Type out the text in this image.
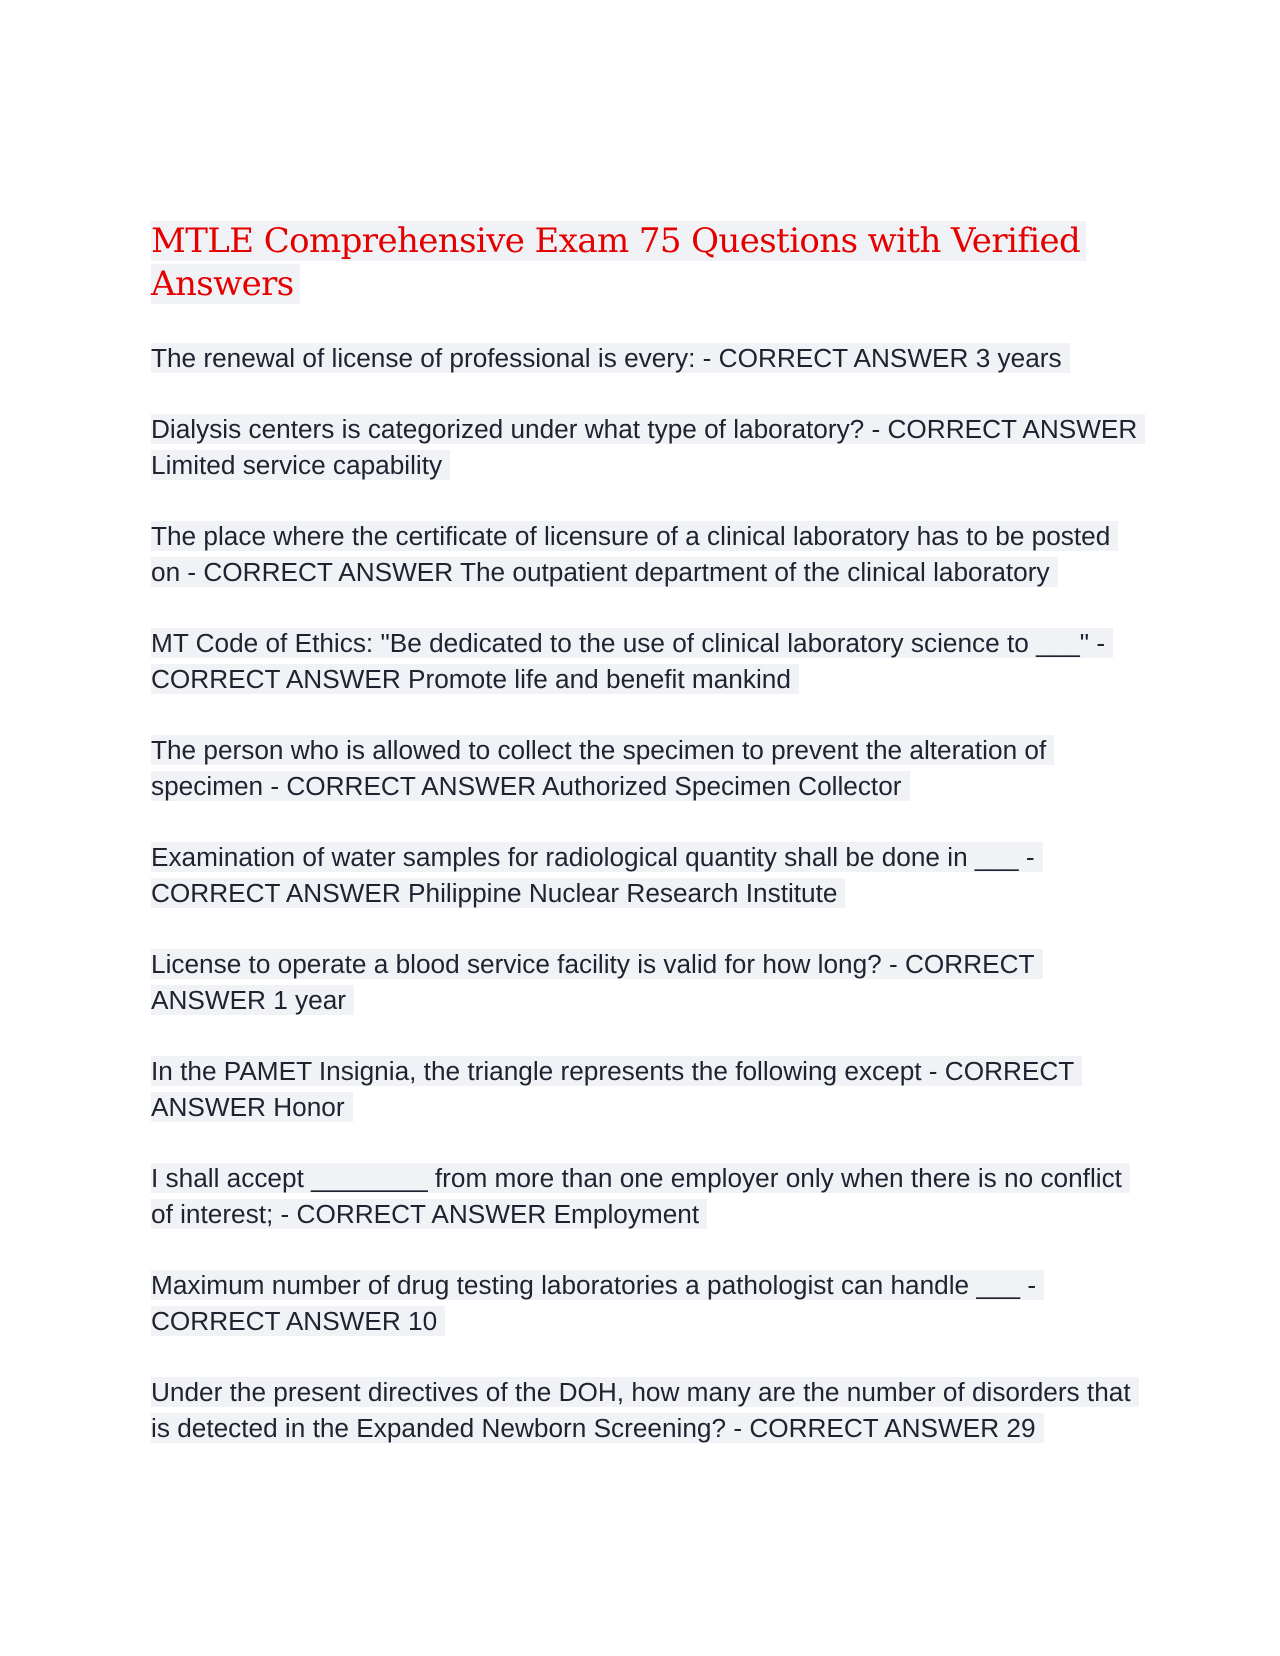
MTLE Comprehensive Exam 75 Questions with Verified Answers

The renewal of license of professional is every: - CORRECT ANSWER 3 years

Dialysis centers is categorized under what type of laboratory? - CORRECT ANSWER Limited service capability

The place where the certificate of licensure of a clinical laboratory has to be posted on - CORRECT ANSWER The outpatient department of the clinical laboratory

MT Code of Ethics: "Be dedicated to the use of clinical laboratory science to ___" - CORRECT ANSWER Promote life and benefit mankind

The person who is allowed to collect the specimen to prevent the alteration of specimen - CORRECT ANSWER Authorized Specimen Collector

Examination of water samples for radiological quantity shall be done in ___ - CORRECT ANSWER Philippine Nuclear Research Institute

License to operate a blood service facility is valid for how long? - CORRECT ANSWER 1 year

In the PAMET Insignia, the triangle represents the following except - CORRECT ANSWER Honor

I shall accept ________ from more than one employer only when there is no conflict of interest; - CORRECT ANSWER Employment

Maximum number of drug testing laboratories a pathologist can handle ___ - CORRECT ANSWER 10

Under the present directives of the DOH, how many are the number of disorders that is detected in the Expanded Newborn Screening? - CORRECT ANSWER 29
